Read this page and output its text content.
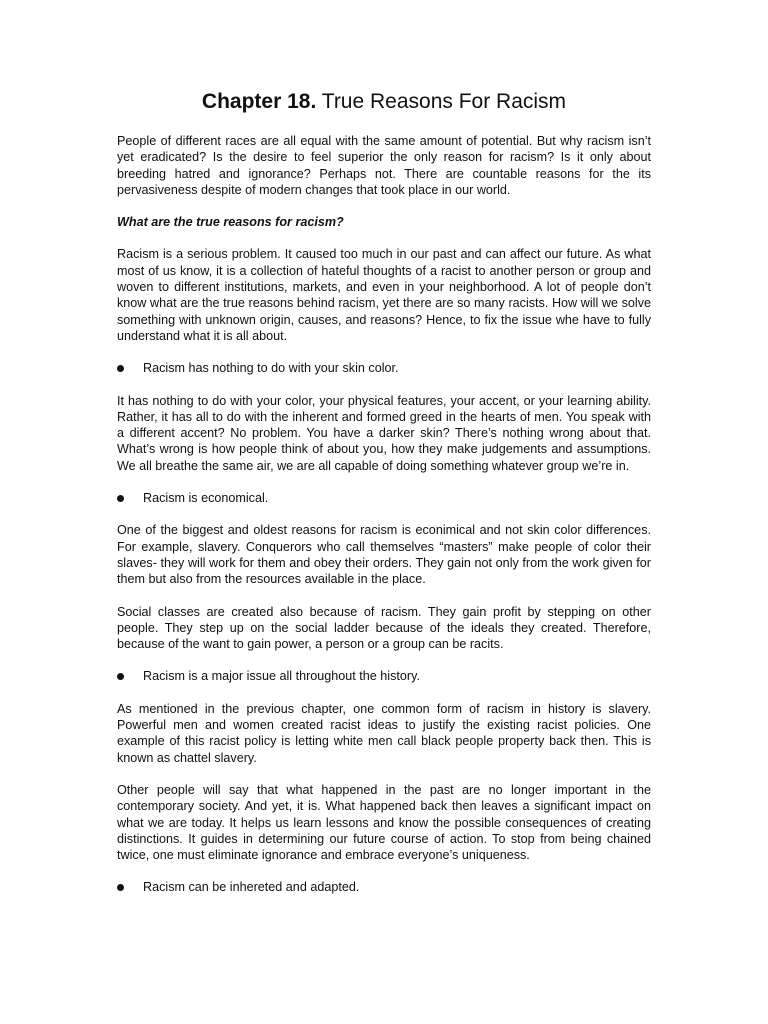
Chapter 18. True Reasons For Racism

People of different races are all equal with the same amount of potential. But why racism isn’t yet eradicated? Is the desire to feel superior the only reason for racism? Is it only about breeding hatred and ignorance? Perhaps not. There are countable reasons for the its pervasiveness despite of modern changes that took place in our world.

What are the true reasons for racism?

Racism is a serious problem. It caused too much in our past and can affect our future. As what most of us know, it is a collection of hateful thoughts of a racist to another person or group and woven to different institutions, markets, and even in your neighborhood. A lot of people don’t know what are the true reasons behind racism, yet there are so many racists. How will we solve something with unknown origin, causes, and reasons? Hence, to fix the issue whe have to fully understand what it is all about.

Racism has nothing to do with your skin color.

It has nothing to do with your color, your physical features, your accent, or your learning ability. Rather, it has all to do with the inherent and formed greed in the hearts of men. You speak with a different accent? No problem. You have a darker skin? There’s nothing wrong about that. What’s wrong is how people think of about you, how they make judgements and assumptions. We all breathe the same air, we are all capable of doing something whatever group we’re in.

Racism is economical.

One of the biggest and oldest reasons for racism is econimical and not skin color differences. For example, slavery. Conquerors who call themselves “masters” make people of color their slaves- they will work for them and obey their orders. They gain not only from the work given for them but also from the resources available in the place.

Social classes are created also because of racism. They gain profit by stepping on other people. They step up on the social ladder because of the ideals they created. Therefore, because of the want to gain power, a person or a group can be racits.

Racism is a major issue all throughout the history.

As mentioned in the previous chapter, one common form of racism in history is slavery. Powerful men and women created racist ideas to justify the existing racist policies. One example of this racist policy is letting white men call black people property back then. This is known as chattel slavery.

Other people will say that what happened in the past are no longer important in the contemporary society. And yet, it is. What happened back then leaves a significant impact on what we are today. It helps us learn lessons and know the possible consequences of creating distinctions. It guides in determining our future course of action. To stop from being chained twice, one must eliminate ignorance and embrace everyone’s uniqueness.

Racism can be inhereted and adapted.
